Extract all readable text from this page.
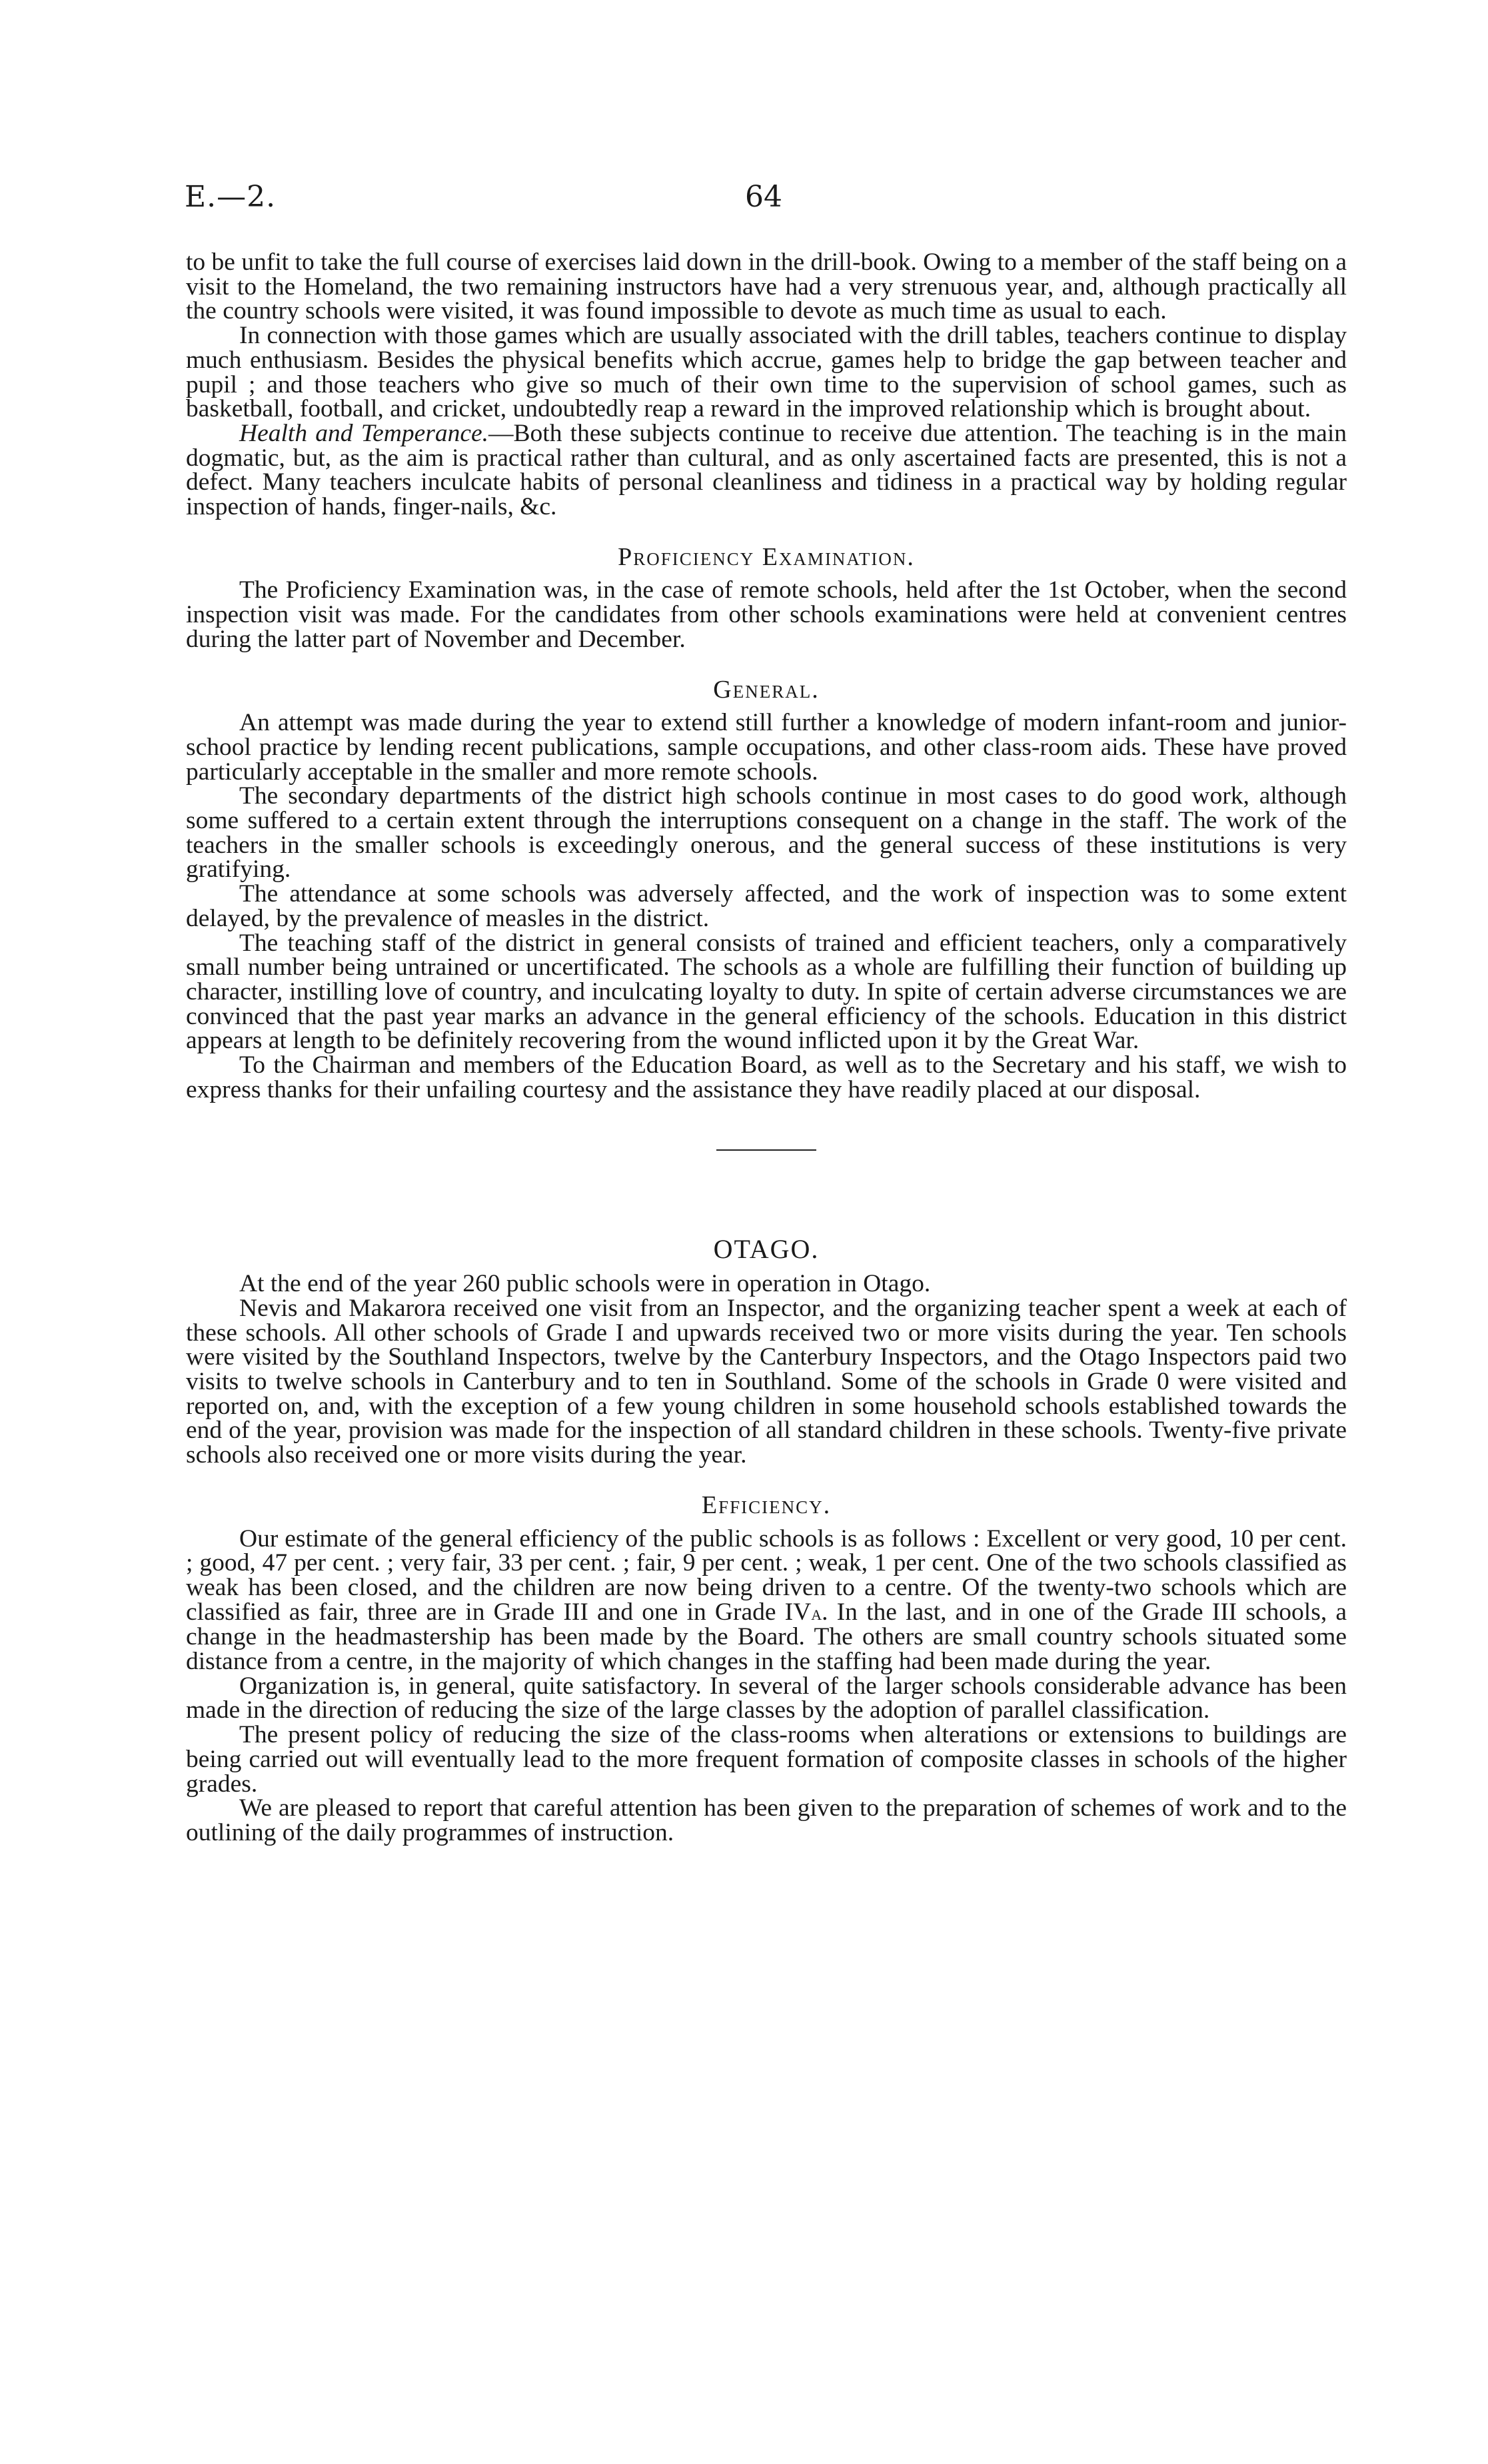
E.—2.	64

to be unfit to take the full course of exercises laid down in the drill-book. Owing to a member of the staff being on a visit to the Homeland, the two remaining instructors have had a very strenuous year, and, although practically all the country schools were visited, it was found impossible to devote as much time as usual to each.

In connection with those games which are usually associated with the drill tables, teachers continue to display much enthusiasm. Besides the physical benefits which accrue, games help to bridge the gap between teacher and pupil ; and those teachers who give so much of their own time to the supervision of school games, such as basketball, football, and cricket, undoubtedly reap a reward in the improved relationship which is brought about.

Health and Temperance.—Both these subjects continue to receive due attention. The teaching is in the main dogmatic, but, as the aim is practical rather than cultural, and as only ascertained facts are presented, this is not a defect. Many teachers inculcate habits of personal cleanliness and tidiness in a practical way by holding regular inspection of hands, finger-nails, &c.

Proficiency Examination.

The Proficiency Examination was, in the case of remote schools, held after the 1st October, when the second inspection visit was made. For the candidates from other schools examinations were held at convenient centres during the latter part of November and December.

General.

An attempt was made during the year to extend still further a knowledge of modern infant-room and junior-school practice by lending recent publications, sample occupations, and other class-room aids. These have proved particularly acceptable in the smaller and more remote schools.

The secondary departments of the district high schools continue in most cases to do good work, although some suffered to a certain extent through the interruptions consequent on a change in the staff. The work of the teachers in the smaller schools is exceedingly onerous, and the general success of these institutions is very gratifying.

The attendance at some schools was adversely affected, and the work of inspection was to some extent delayed, by the prevalence of measles in the district.

The teaching staff of the district in general consists of trained and efficient teachers, only a comparatively small number being untrained or uncertificated. The schools as a whole are fulfilling their function of building up character, instilling love of country, and inculcating loyalty to duty. In spite of certain adverse circumstances we are convinced that the past year marks an advance in the general efficiency of the schools. Education in this district appears at length to be definitely recovering from the wound inflicted upon it by the Great War.

To the Chairman and members of the Education Board, as well as to the Secretary and his staff, we wish to express thanks for their unfailing courtesy and the assistance they have readily placed at our disposal.

OTAGO.

At the end of the year 260 public schools were in operation in Otago.

Nevis and Makarora received one visit from an Inspector, and the organizing teacher spent a week at each of these schools. All other schools of Grade I and upwards received two or more visits during the year. Ten schools were visited by the Southland Inspectors, twelve by the Canterbury Inspectors, and the Otago Inspectors paid two visits to twelve schools in Canterbury and to ten in Southland. Some of the schools in Grade 0 were visited and reported on, and, with the exception of a few young children in some household schools established towards the end of the year, provision was made for the inspection of all standard children in these schools. Twenty-five private schools also received one or more visits during the year.

Efficiency.

Our estimate of the general efficiency of the public schools is as follows : Excellent or very good, 10 per cent. ; good, 47 per cent. ; very fair, 33 per cent. ; fair, 9 per cent. ; weak, 1 per cent. One of the two schools classified as weak has been closed, and the children are now being driven to a centre. Of the twenty-two schools which are classified as fair, three are in Grade III and one in Grade IVa. In the last, and in one of the Grade III schools, a change in the headmastership has been made by the Board. The others are small country schools situated some distance from a centre, in the majority of which changes in the staffing had been made during the year.

Organization is, in general, quite satisfactory. In several of the larger schools considerable advance has been made in the direction of reducing the size of the large classes by the adoption of parallel classification.

The present policy of reducing the size of the class-rooms when alterations or extensions to buildings are being carried out will eventually lead to the more frequent formation of composite classes in schools of the higher grades.

We are pleased to report that careful attention has been given to the preparation of schemes of work and to the outlining of the daily programmes of instruction.
